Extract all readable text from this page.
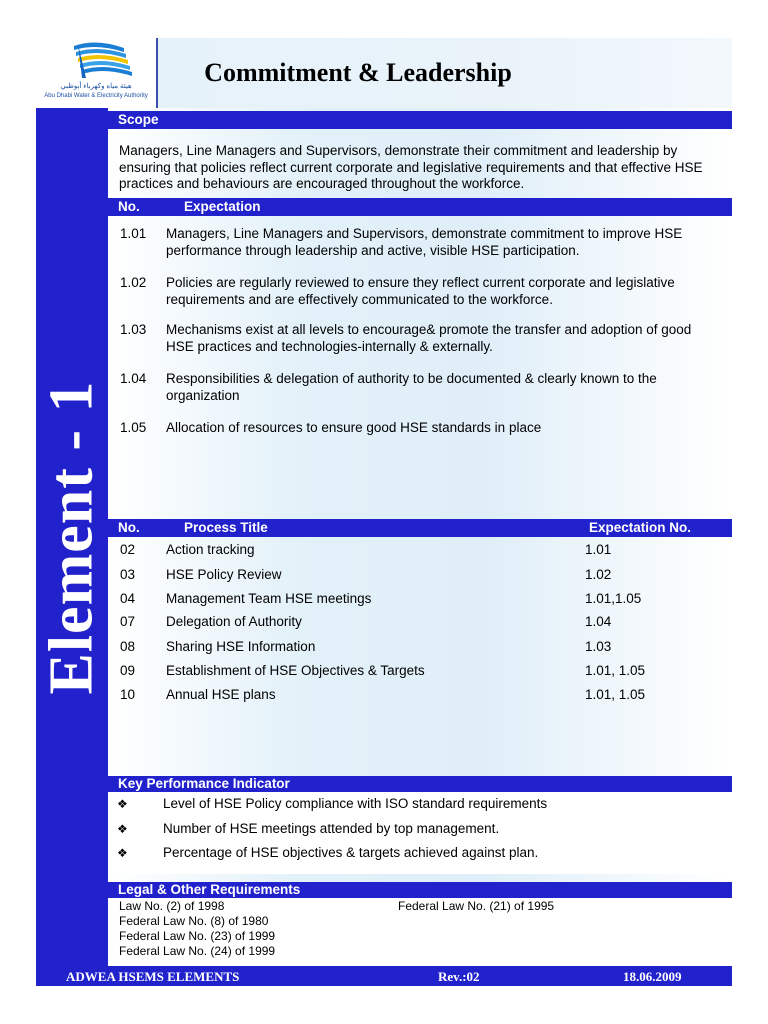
هيئة مياه وكهرباء أبوظبي
Abu Dhabi Water & Electricity Authority
Commitment & Leadership
Element - 1
Scope
Managers, Line Managers and Supervisors, demonstrate their commitment and leadership by ensuring that policies reflect current corporate and legislative requirements and that effective HSE practices and behaviours are encouraged throughout the workforce.
No.	Expectation
1.01 Managers, Line Managers and Supervisors, demonstrate commitment to improve HSE performance through leadership and active, visible HSE participation.
1.02 Policies are regularly reviewed to ensure they reflect current corporate and legislative requirements and are effectively communicated to the workforce.
1.03 Mechanisms exist at all levels to encourage& promote the transfer and adoption of good HSE practices and technologies-internally & externally.
1.04 Responsibilities & delegation of authority to be documented & clearly known to the organization
1.05 Allocation of resources to ensure good HSE standards in place
No.	Process Title	Expectation No.
02 Action tracking	1.01
03 HSE Policy Review	1.02
04 Management Team HSE meetings	1.01,1.05
07 Delegation of Authority	1.04
08 Sharing HSE Information	1.03
09 Establishment of HSE Objectives & Targets	1.01, 1.05
10 Annual HSE plans	1.01, 1.05
Key Performance Indicator
❖	Level of HSE Policy compliance with ISO standard requirements
❖	Number of HSE meetings attended by top management.
❖	Percentage of HSE objectives & targets achieved against plan.
Legal & Other Requirements
Law No. (2) of 1998
Federal Law No. (8) of 1980
Federal Law No. (23) of 1999
Federal Law No. (24) of 1999
Federal Law No. (21) of 1995
ADWEA HSEMS ELEMENTS	Rev.:02	18.06.2009
